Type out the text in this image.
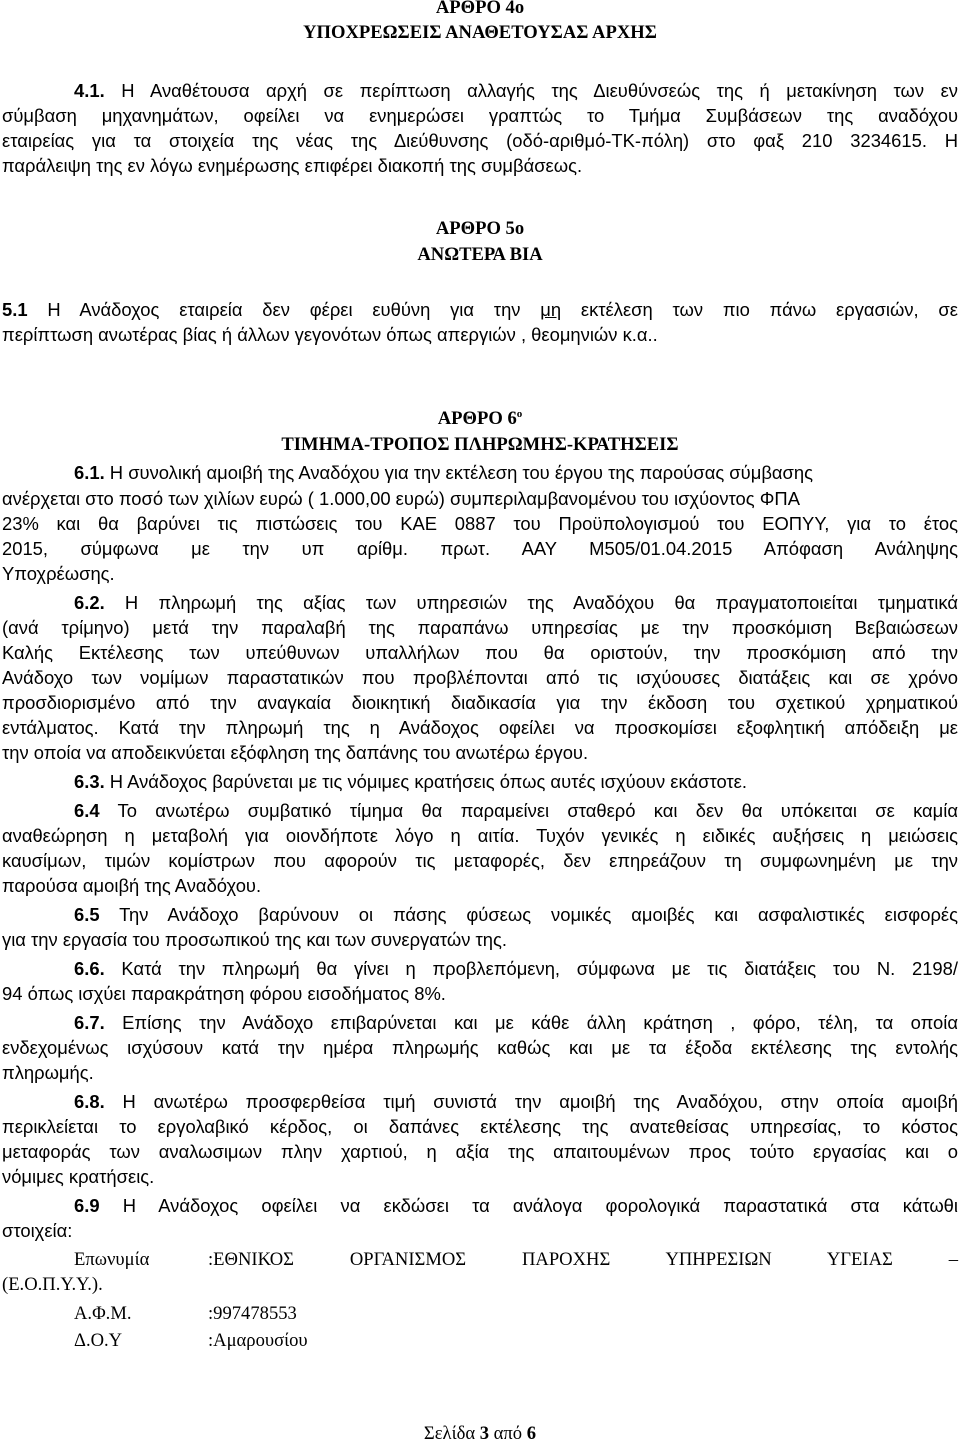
ΑΡΘΡΟ 4ο

ΥΠΟΧΡΕΩΣΕΙΣ ΑΝΑΘΕΤΟΥΣΑΣ ΑΡΧΗΣ

4.1. Η Αναθέτουσα αρχή σε περίπτωση αλλαγής της Διευθύνσεώς της ή μετακίνηση των εν

σύμβαση μηχανημάτων, οφείλει να ενημερώσει γραπτώς το Τμήμα Συμβάσεων της αναδόχου

εταιρείας για τα στοιχεία της νέας της Διεύθυνσης (οδό-αριθμό-ΤΚ-πόλη) στο φαξ 210 3234615. Η

παράλειψη της εν λόγω ενημέρωσης επιφέρει διακοπή της συμβάσεως.

ΑΡΘΡΟ 5ο

ΑΝΩΤΕΡΑ ΒΙΑ

5.1 Η Ανάδοχος εταιρεία δεν φέρει ευθύνη για την μη εκτέλεση των πιο πάνω εργασιών, σε

περίπτωση ανωτέρας βίας ή άλλων γεγονότων όπως απεργιών , θεομηνιών κ.α..

ΑΡΘΡΟ $6^o$

ΤΙΜΗΜΑ-ΤΡΟΠΟΣ ΠΛΗΡΩΜΗΣ-ΚΡΑΤΗΣΕΙΣ

6.1. Η συνολική αμοιβή της Αναδόχου για την εκτέλεση του έργου της παρούσας σύμβασης

ανέρχεται στο ποσό των χιλίων ευρώ ( 1.000,00 ευρώ) συμπεριλαμβανομένου του ισχύοντος ΦΠΑ

23% και θα βαρύνει τις πιστώσεις του ΚΑΕ 0887 του Προϋπολογισμού του ΕΟΠΥΥ, για το έτος

2015, σύμφωνα με την υπ αρίθμ. πρωτ. ΑΑΥ Μ505/01.04.2015 Απόφαση Ανάληψης

Υποχρέωσης.

6.2. Η πληρωμή της αξίας των υπηρεσιών της Αναδόχου θα πραγματοποιείται τμηματικά

(ανά τρίμηνο) μετά την παραλαβή της παραπάνω υπηρεσίας με την προσκόμιση Βεβαιώσεων

Καλής Εκτέλεσης των υπεύθυνων υπαλλήλων που θα οριστούν, την προσκόμιση από την

Ανάδοχο των νομίμων παραστατικών που προβλέπονται από τις ισχύουσες διατάξεις και σε χρόνο

προσδιορισμένο από την αναγκαία διοικητική διαδικασία για την έκδοση του σχετικού χρηματικού

εντάλματος. Κατά την πληρωμή της η Ανάδοχος οφείλει να προσκομίσει εξοφλητική απόδειξη με

την οποία να αποδεικνύεται εξόφληση της δαπάνης του ανωτέρω έργου.

6.3. Η Ανάδοχος βαρύνεται με τις νόμιμες κρατήσεις όπως αυτές ισχύουν εκάστοτε.

6.4 Το ανωτέρω συμβατικό τίμημα θα παραμείνει σταθερό και δεν θα υπόκειται σε καμία

αναθεώρηση η μεταβολή για οιονδήποτε λόγο η αιτία. Τυχόν γενικές η ειδικές αυξήσεις η μειώσεις

καυσίμων, τιμών κομίστρων που αφορούν τις μεταφορές, δεν επηρεάζουν τη συμφωνημένη με την

παρούσα αμοιβή της Αναδόχου.

6.5 Την Ανάδοχο βαρύνουν οι πάσης φύσεως νομικές αμοιβές και ασφαλιστικές εισφορές

για την εργασία του προσωπικού της και των συνεργατών της.

6.6. Κατά την πληρωμή θα γίνει η προβλεπόμενη, σύμφωνα με τις διατάξεις του Ν. 2198/

94 όπως ισχύει παρακράτηση φόρου εισοδήματος 8%.

6.7. Επίσης την Ανάδοχο επιβαρύνεται και με κάθε άλλη κράτηση , φόρο, τέλη, τα οποία

ενδεχομένως ισχύσουν κατά την ημέρα πληρωμής καθώς και με τα έξοδα εκτέλεσης της εντολής

πληρωμής.

6.8. Η ανωτέρω προσφερθείσα τιμή συνιστά την αμοιβή της Αναδόχου, στην οποία αμοιβή

περικλείεται το εργολαβικό κέρδος, οι δαπάνες εκτέλεσης της ανατεθείσας υπηρεσίας, το κόστος

μεταφοράς των αναλωσιμων πλην χαρτιού, η αξία της απαιτουμένων προς τούτο εργασίας και ο

νόμιμες κρατήσεις.

6.9 Η Ανάδοχος οφείλει να εκδώσει τα ανάλογα φορολογικά παραστατικά στα κάτωθι

στοιχεία:

Επωνυμία	:ΕΘΝΙΚΟΣ ΟΡΓΑΝΙΣΜΟΣ ΠΑΡΟΧΗΣ ΥΠΗΡΕΣΙΩΝ ΥΓΕΙΑΣ –

(Ε.Ο.Π.Υ.Υ.).

Α.Φ.Μ.	:997478553
Δ.Ο.Υ	:Αμαρουσίου

Σελίδα 3 από 6
